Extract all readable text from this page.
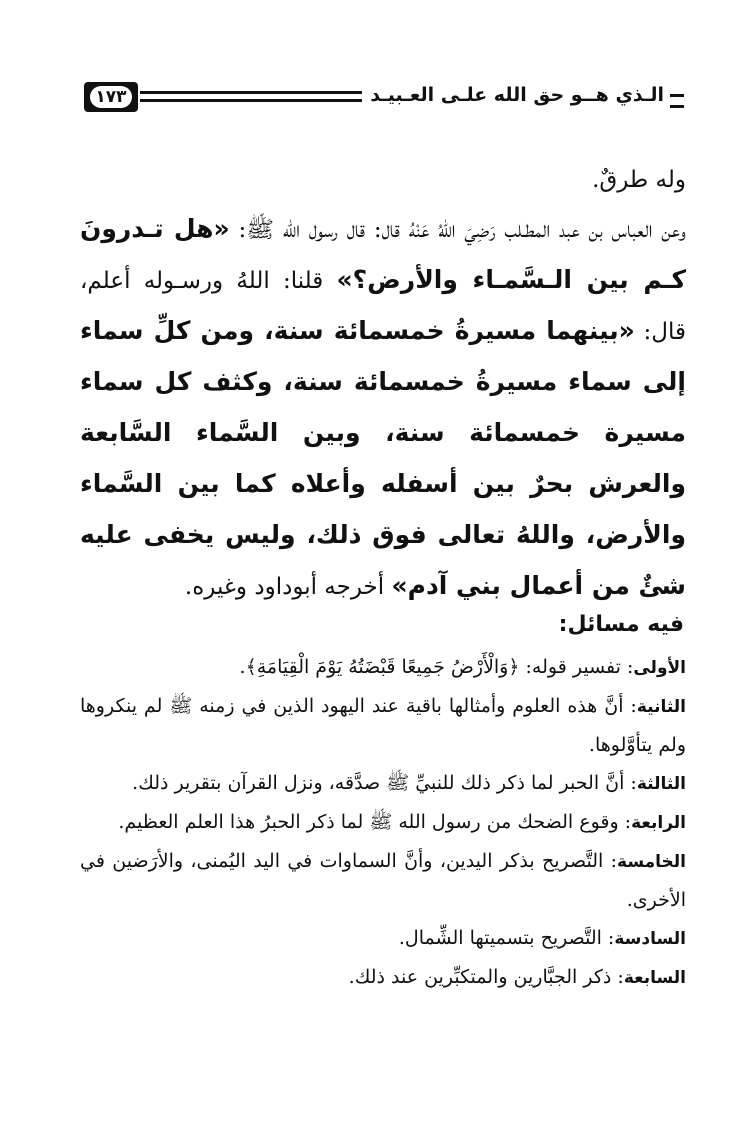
الـذي هــو حق الله علـى العـبيـد
١٧٣

وله طرقٌ.

وعن العباس بن عبد المطـلب رَضِيَ اللهُ عَنْهُ قال: قال رسول الله ﷺ: «هل تـدرونَ كـم بين الـسَّمـاء والأرض؟» قلنا: اللهُ ورسـوله أعلم، قال: «بينهما مسيرةُ خمسمائة سنة، ومن كلِّ سماء إلى سماء مسيرةُ خمسمائة سنة، وكثف كل سماء مسيرة خمسمائة سنة، وبين السَّماء السَّابعة والعرش بحرٌ بين أسفله وأعلاه كما بين السَّماء والأرض، واللهُ تعالى فوق ذلك، وليس يخفى عليه شئٌ من أعمال بني آدم» أخرجه أبوداود وغيره.

فيه مسائل:

الأولى: تفسير قوله: ﴿وَالْأَرْضُ جَمِيعًا قَبْضَتُهُ يَوْمَ الْقِيَامَةِ﴾.

الثانية: أنَّ هذه العلوم وأمثالها باقية عند اليهود الذين في زمنه ﷺ لم ينكروها ولم يتأوَّلوها.

الثالثة: أنَّ الحبر لما ذكر ذلك للنبيِّ ﷺ صدَّقه، ونزل القرآن بتقرير ذلك.

الرابعة: وقوع الضحك من رسول الله ﷺ لما ذكر الحبرُ هذا العلم العظيم.

الخامسة: التَّصريح بذكر اليدين، وأنَّ السماوات في اليد اليُمنى، والأرَضين في الأخرى.

السادسة: التَّصريح بتسميتها الشِّمال.

السابعة: ذكر الجبَّارين والمتكبِّرين عند ذلك.
